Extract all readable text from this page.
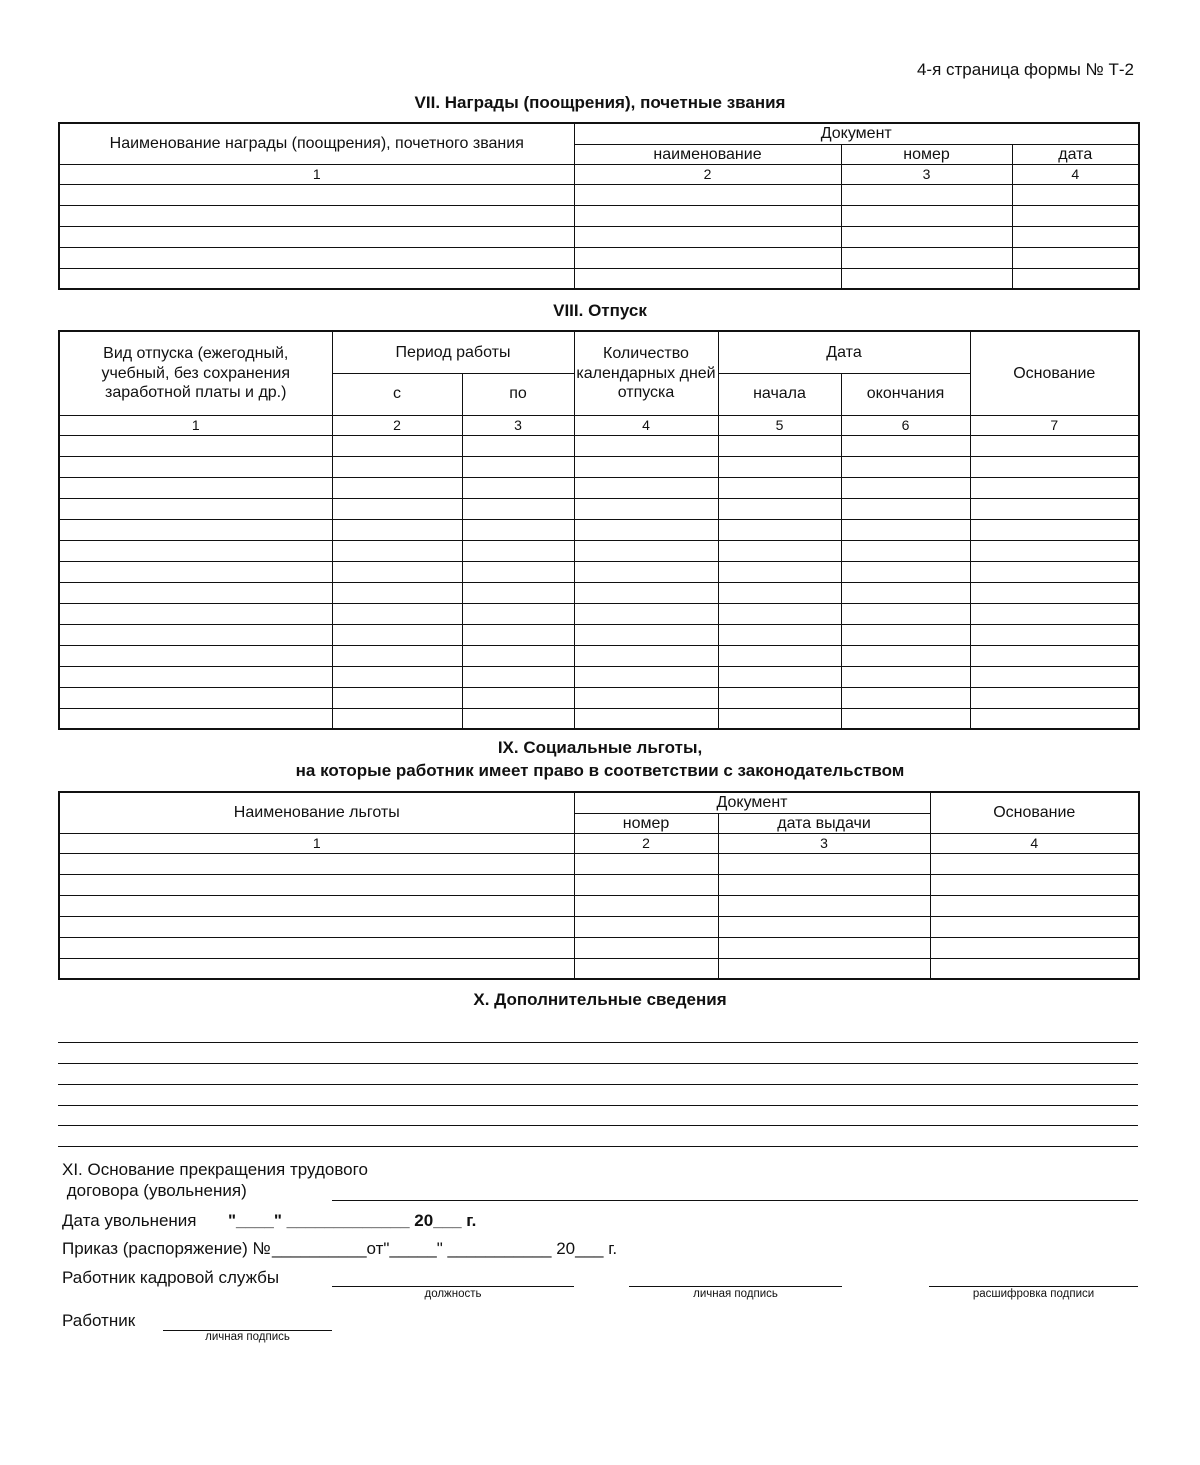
4-я страница формы № Т-2
VII. Награды (поощрения), почетные звания
Наименование награды (поощрения), почетного звания	Документ		
	наименование	номер	дата
1	2	3	4

VIII. Отпуск
Вид отпуска (ежегодный, учебный, без сохранения заработной платы и др.)	Период работы		Количество календарных дней отпуска	Дата		Основание
	с	по		начала	окончания	
1	2	3	4	5	6	7

IX. Социальные льготы,
на которые работник имеет право в соответствии с законодательством
Наименование льготы	Документ		Основание
	номер	дата выдачи	
1	2	3	4

X. Дополнительные сведения
XI. Основание прекращения трудового
договора (увольнения)
Дата увольнения "____" _____________ 20___ г.
Приказ (распоряжение) № __________от"_____" ___________ 20___ г.
Работник кадровой службы
должность	личная подпись	расшифровка подписи
Работник
личная подпись
